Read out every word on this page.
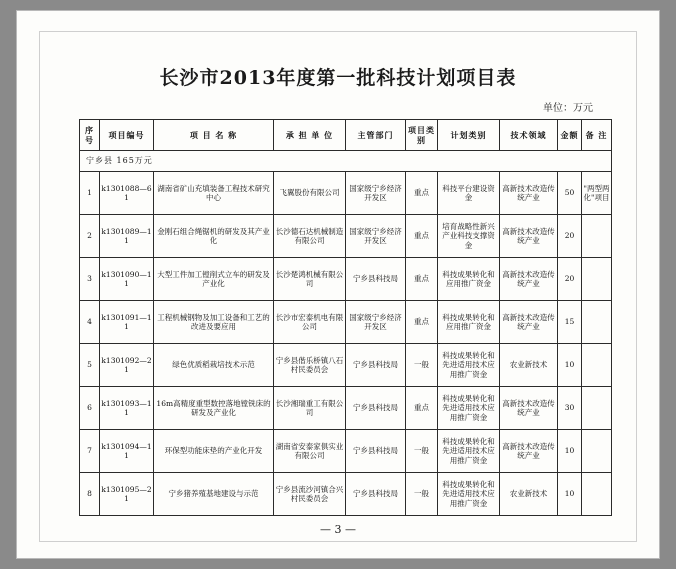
长沙市2013年度第一批科技计划项目表
单位：万元
序号	项目编号	项 目 名 称	承 担 单 位	主管部门	项目类别	计划类别	技术领域	金额	备 注
宁乡县 165万元									
1	k1301088—61	湖南省矿山充填装备工程技术研究中心	飞翼股份有限公司	国家级宁乡经济开发区	重点	科技平台建设资金	高新技术改造传统产业	50	"两型两化"项目
2	k1301089—11	金刚石组合绳锯机的研发及其产业化	长沙德石达机械制造有限公司	国家级宁乡经济开发区	重点	培育战略性新兴产业科技支撑资金	高新技术改造传统产业	20	
3	k1301090—11	大型工件加工镗削式立车的研发及产业化	长沙楚鸿机械有限公司	宁乡县科技局	重点	科技成果转化和应用推广资金	高新技术改造传统产业	20	
4	k1301091—11	工程机械钢物及加工设备和工艺的改进及要应用	长沙市宏泰机电有限公司	国家级宁乡经济开发区	重点	科技成果转化和应用推广资金	高新技术改造传统产业	15	
5	k1301092—21	绿色优质稻栽培技术示范	宁乡县偕乐桥镇八石村民委员会	宁乡县科技局	一般	科技成果转化和先进适用技术应用推广资金	农业新技术	10	
6	k1301093—11	16m高精度重型数控落地镗铣床的研发及产业化	长沙湘瑞重工有限公司	宁乡县科技局	重点	科技成果转化和先进适用技术应用推广资金	高新技术改造传统产业	30	
7	k1301094—11	环保型功能床垫的产业化开发	湖南省安泰家俱实业有限公司	宁乡县科技局	一般	科技成果转化和先进适用技术应用推广资金	高新技术改造传统产业	10	
8	k1301095—21	宁乡猪养殖基地建设与示范	宁乡县流沙河镇合兴村民委员会	宁乡县科技局	一般	科技成果转化和先进适用技术应用推广资金	农业新技术	10	
— 3 —
